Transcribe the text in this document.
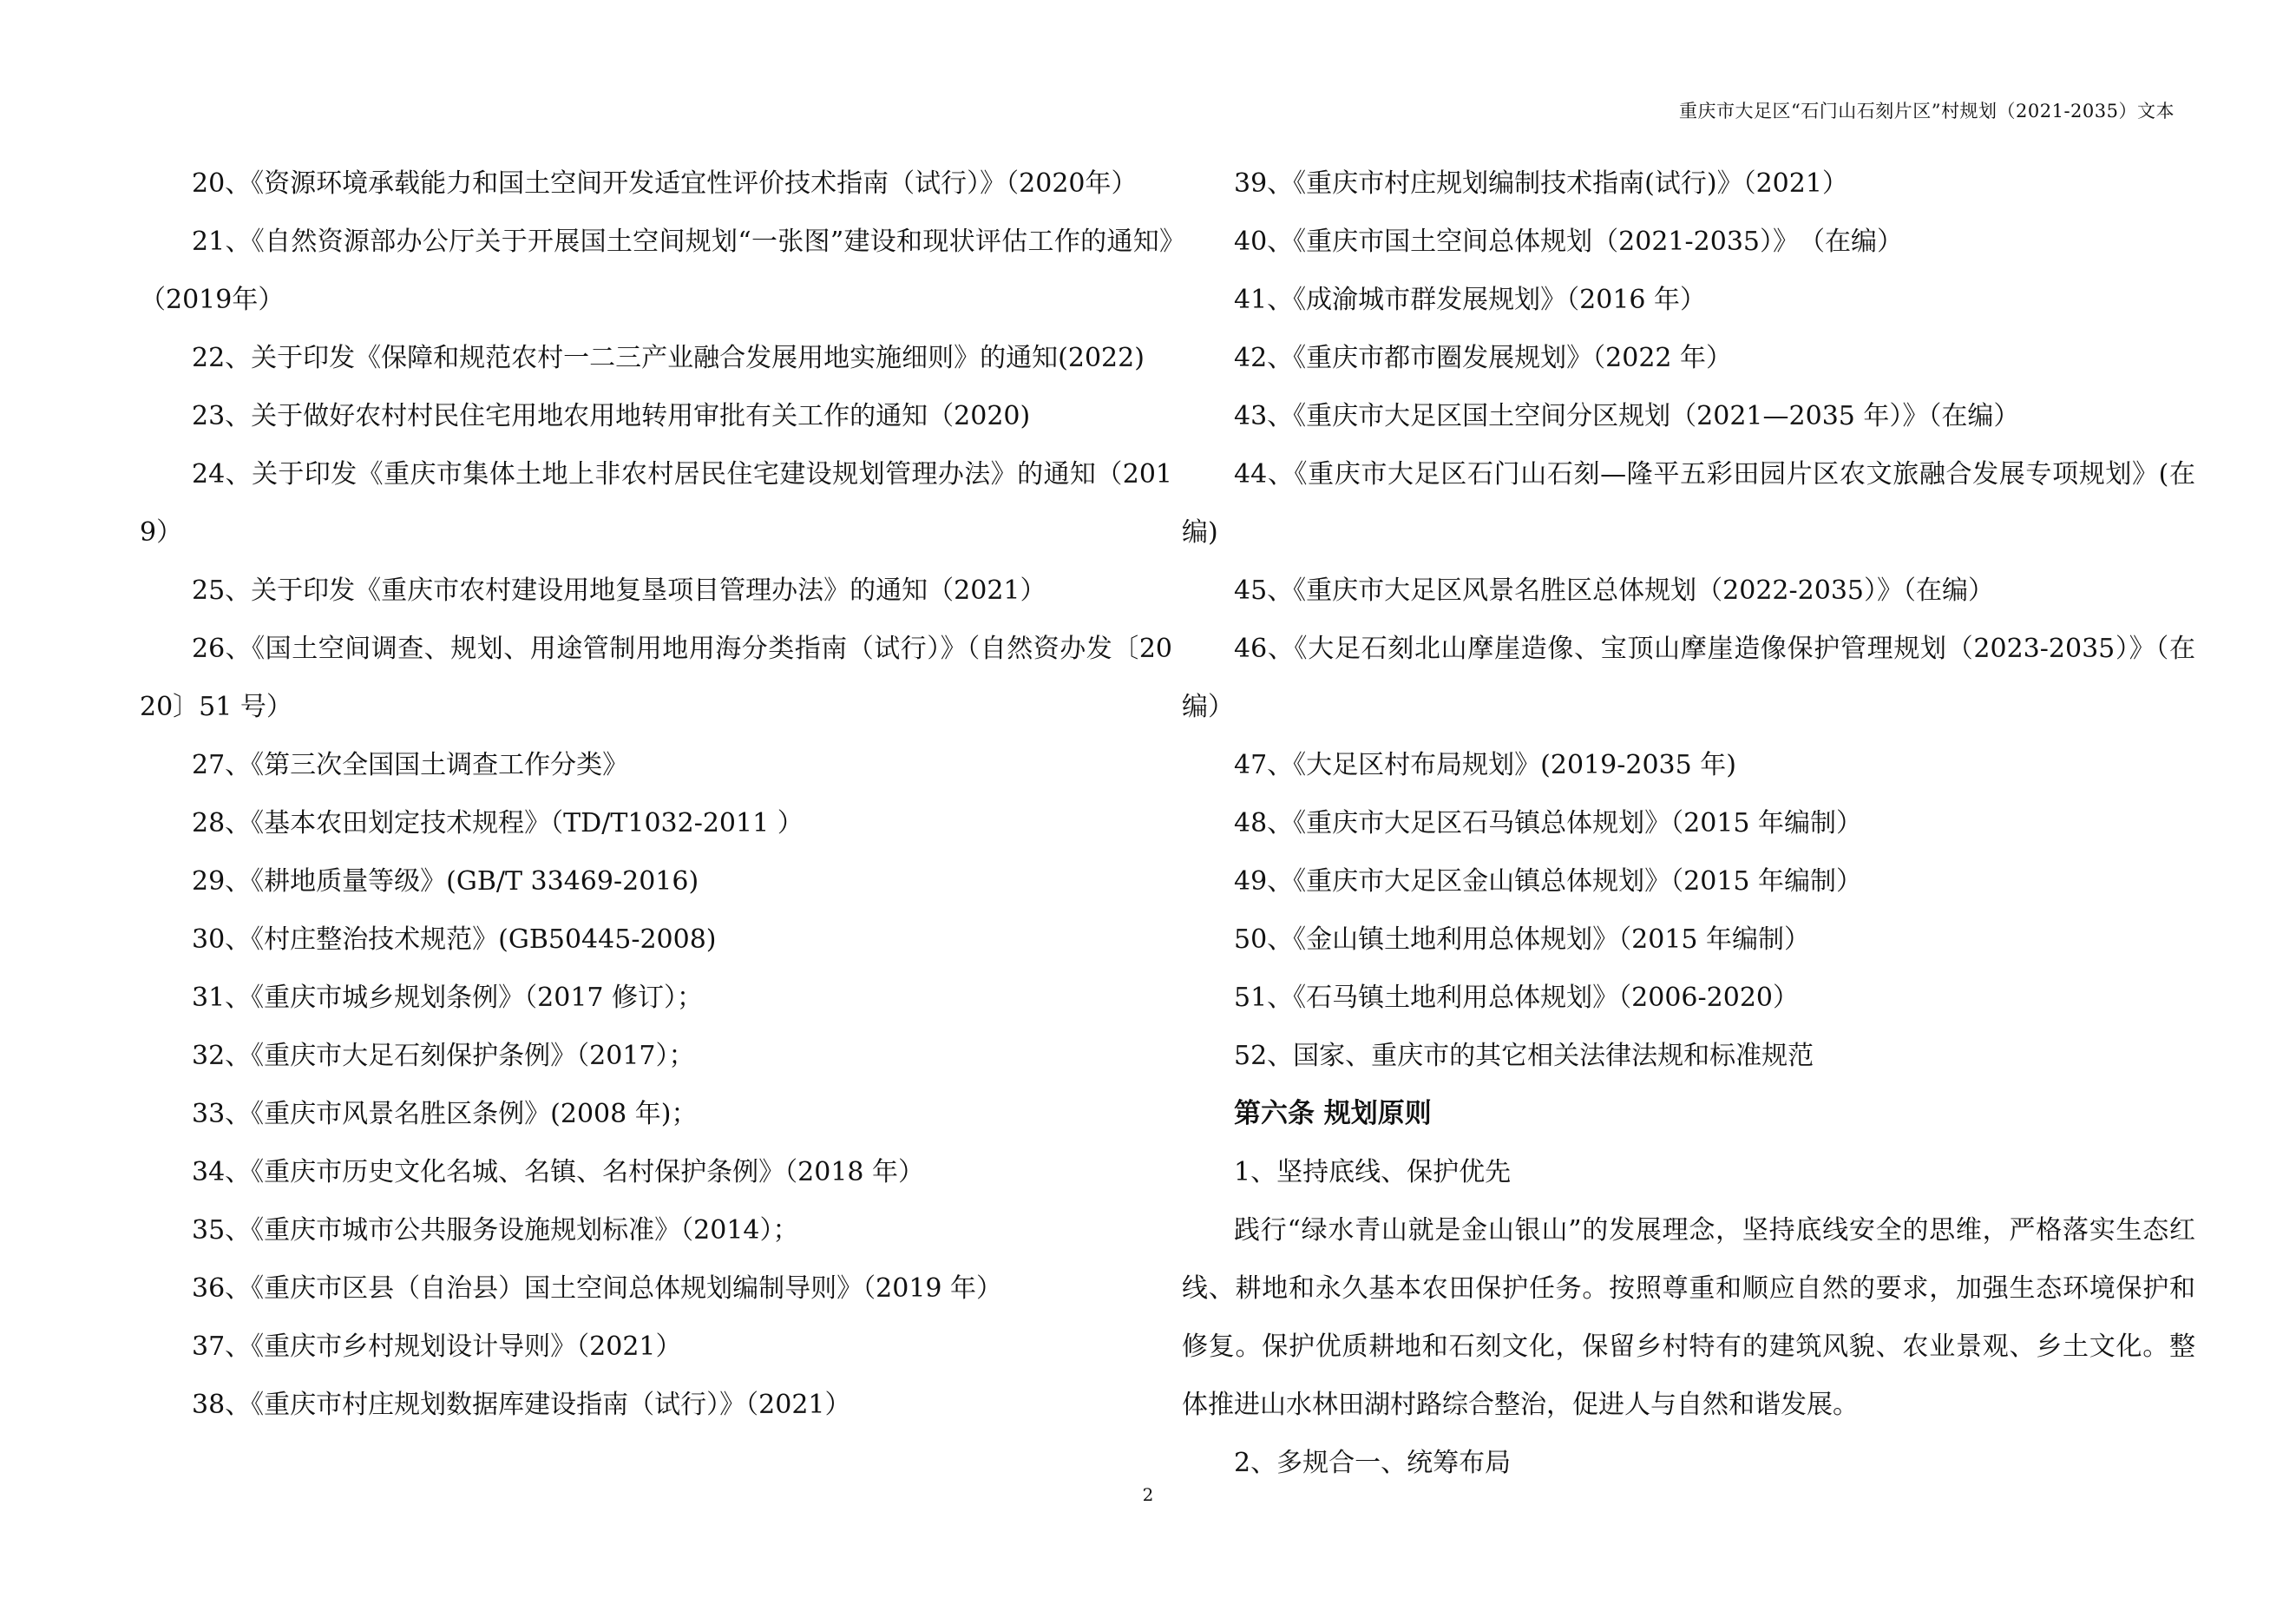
重庆市大足区“石门山石刻片区”村规划（2021-2035）文本

20、《资源环境承载能力和国土空间开发适宜性评价技术指南（试行）》（2020年）

21、《自然资源部办公厅关于开展国土空间规划“一张图”建设和现状评估工作的通知》（2019年）

22、关于印发《保障和规范农村一二三产业融合发展用地实施细则》的通知(2022)

23、关于做好农村村民住宅用地农用地转用审批有关工作的通知（2020)

24、关于印发《重庆市集体土地上非农村居民住宅建设规划管理办法》的通知（2019）

25、关于印发《重庆市农村建设用地复垦项目管理办法》的通知（2021）

26、《国土空间调查、规划、用途管制用地用海分类指南（试行）》（自然资办发〔2020〕51 号）

27、《第三次全国国土调查工作分类》

28、《基本农田划定技术规程》（TD/T1032-2011 ）

29、《耕地质量等级》(GB/T 33469-2016)

30、《村庄整治技术规范》(GB50445-2008)

31、《重庆市城乡规划条例》（2017 修订）；

32、《重庆市大足石刻保护条例》（2017）；

33、《重庆市风景名胜区条例》(2008 年)；

34、《重庆市历史文化名城、名镇、名村保护条例》（2018 年）

35、《重庆市城市公共服务设施规划标准》（2014）；

36、《重庆市区县（自治县）国土空间总体规划编制导则》（2019 年）

37、《重庆市乡村规划设计导则》（2021）

38、《重庆市村庄规划数据库建设指南（试行）》（2021）

39、《重庆市村庄规划编制技术指南(试行)》（2021）

40、《重庆市国土空间总体规划（2021-2035）》　（在编）

41、《成渝城市群发展规划》（2016 年）

42、《重庆市都市圈发展规划》（2022 年）

43、《重庆市大足区国土空间分区规划（2021—2035 年）》（在编）

44、《重庆市大足区石门山石刻—隆平五彩田园片区农文旅融合发展专项规划》(在编)

45、《重庆市大足区风景名胜区总体规划（2022-2035）》（在编）

46、《大足石刻北山摩崖造像、宝顶山摩崖造像保护管理规划（2023-2035）》（在编）

47、《大足区村布局规划》(2019-2035 年)

48、《重庆市大足区石马镇总体规划》（2015 年编制）

49、《重庆市大足区金山镇总体规划》（2015 年编制）

50、《金山镇土地利用总体规划》（2015 年编制）

51、《石马镇土地利用总体规划》（2006-2020）

52、国家、重庆市的其它相关法律法规和标准规范

第六条 规划原则

1、坚持底线、保护优先

践行“绿水青山就是金山银山”的发展理念，坚持底线安全的思维，严格落实生态红线、耕地和永久基本农田保护任务。按照尊重和顺应自然的要求，加强生态环境保护和修复。保护优质耕地和石刻文化，保留乡村特有的建筑风貌、农业景观、乡土文化。整体推进山水林田湖村路综合整治，促进人与自然和谐发展。

2、多规合一、统筹布局

2
